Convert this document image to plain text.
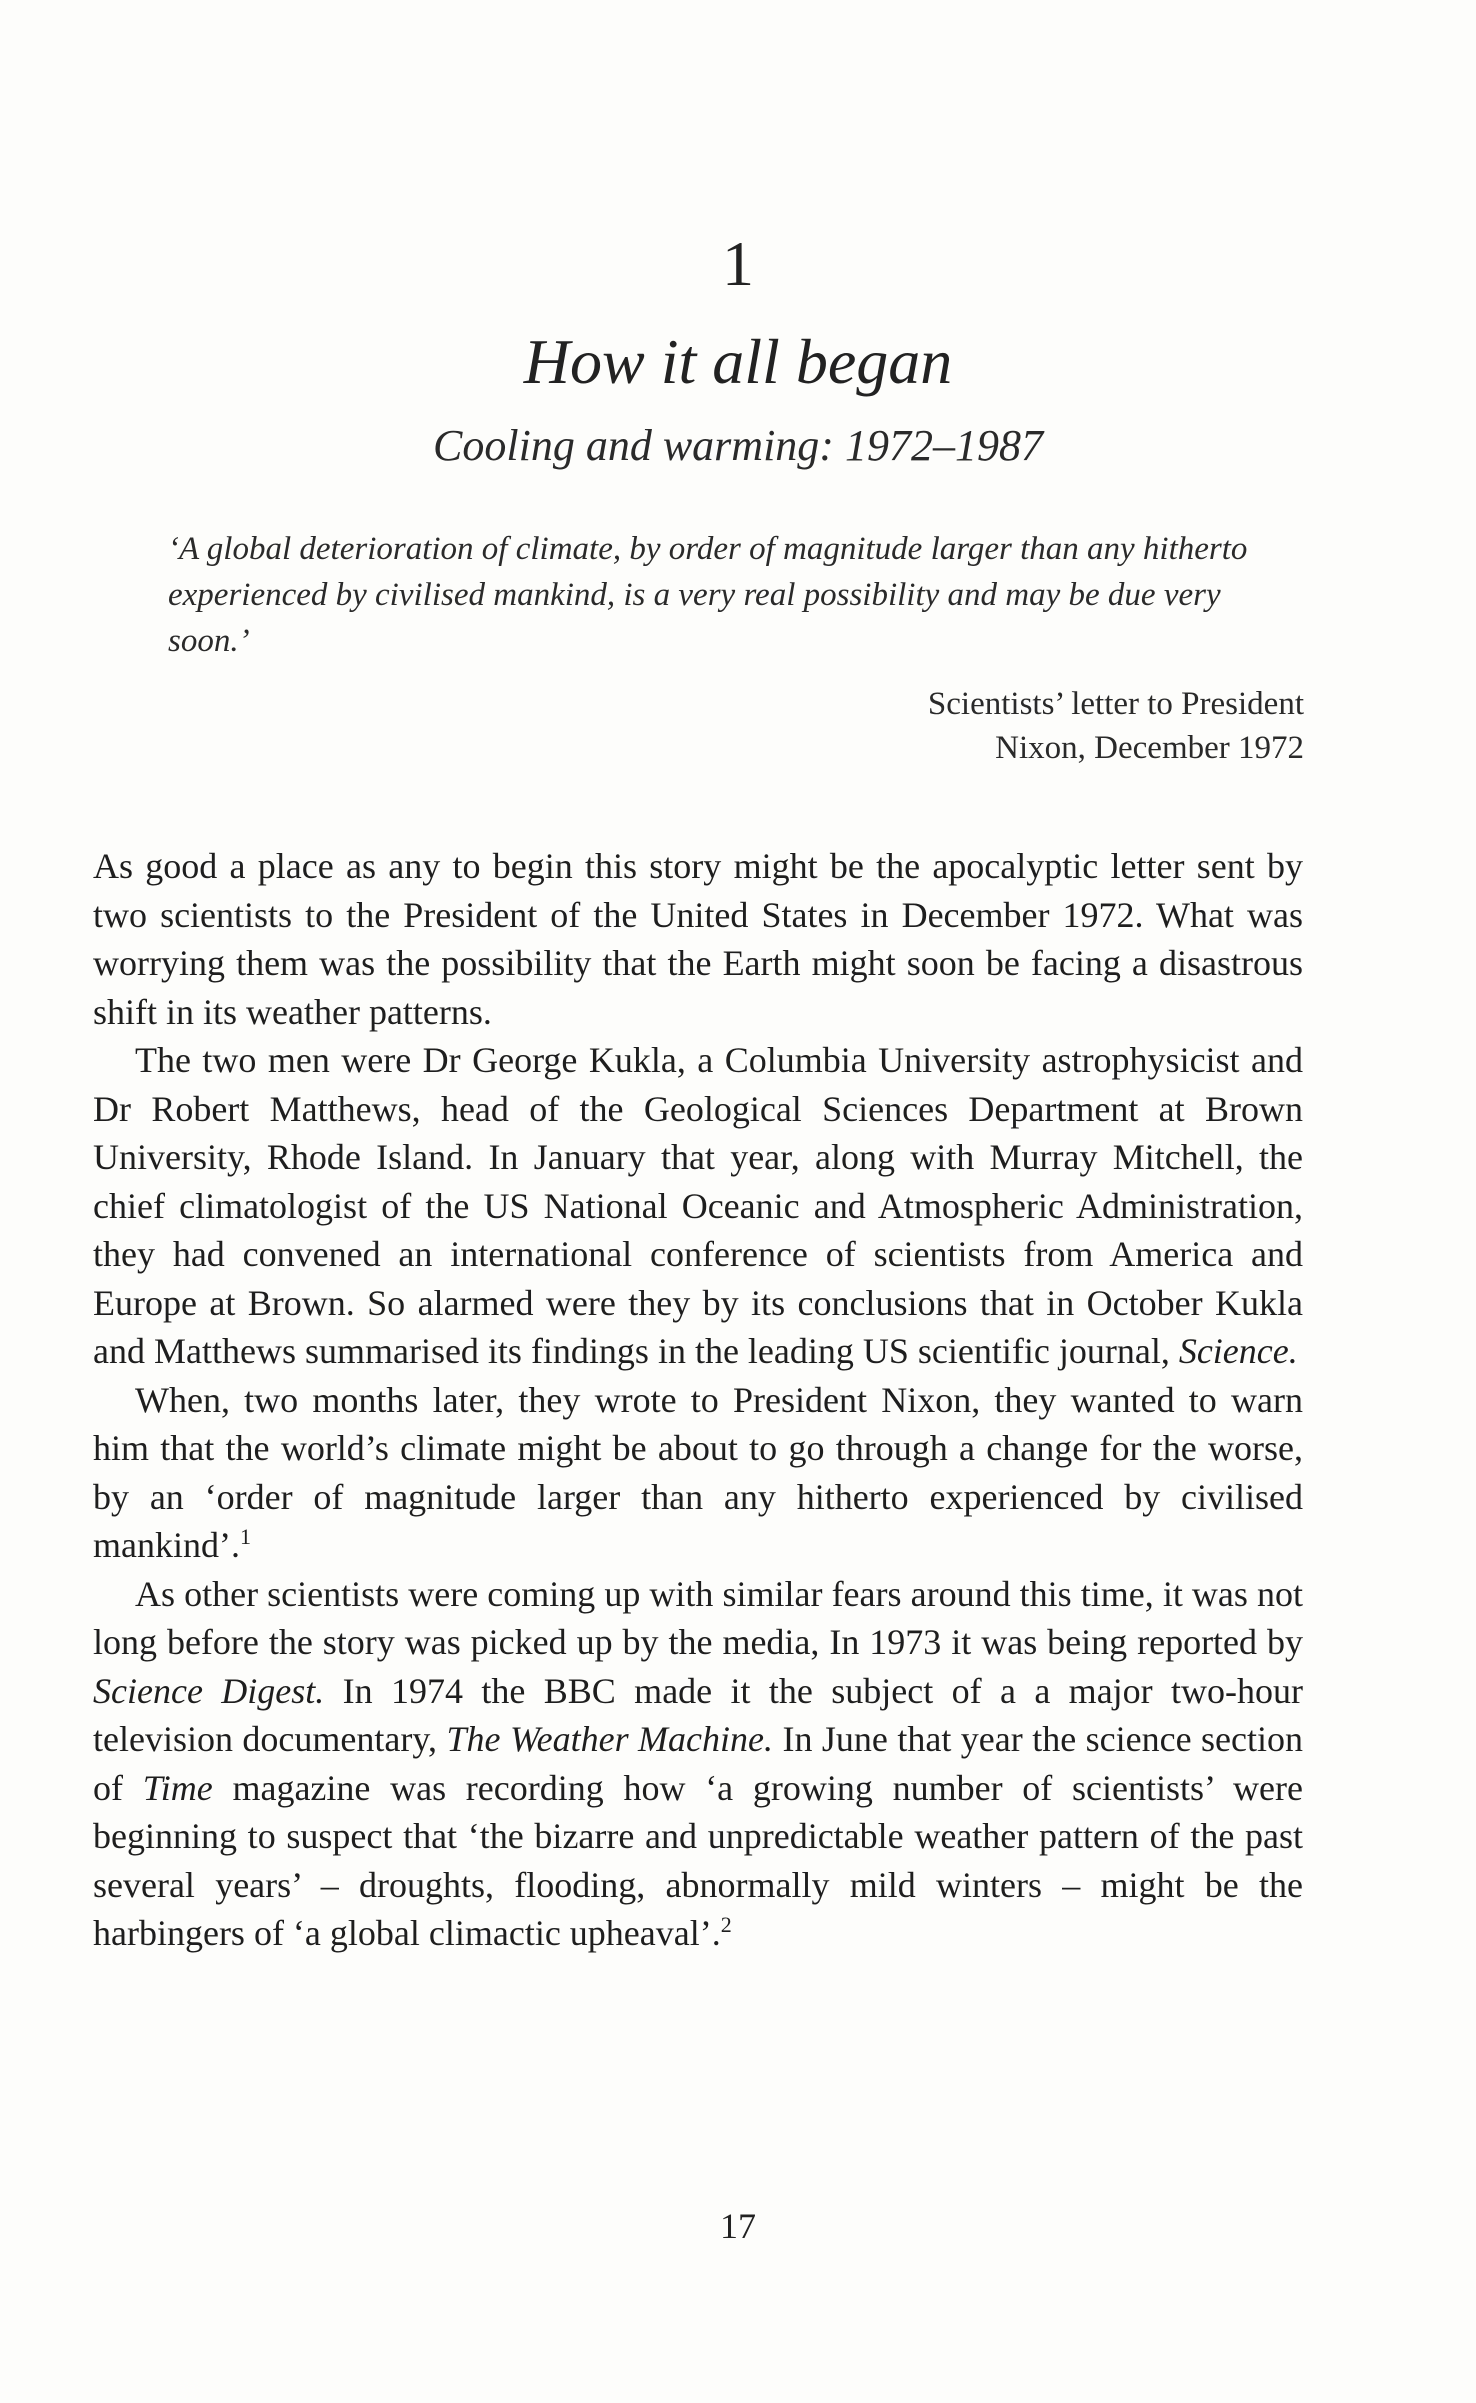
1
How it all began
Cooling and warming: 1972–1987

‘A global deterioration of climate, by order of magnitude larger than any hitherto experienced by civilised mankind, is a very real possibility and may be due very soon.’

Scientists’ letter to President
Nixon, December 1972

As good a place as any to begin this story might be the apocalyptic letter sent by two scientists to the President of the United States in December 1972. What was worrying them was the possibility that the Earth might soon be facing a disastrous shift in its weather patterns.

The two men were Dr George Kukla, a Columbia University astrophysicist and Dr Robert Matthews, head of the Geological Sciences Department at Brown University, Rhode Island. In January that year, along with Murray Mitchell, the chief climatologist of the US National Oceanic and Atmospheric Administration, they had convened an international conference of scientists from America and Europe at Brown. So alarmed were they by its conclusions that in October Kukla and Matthews summarised its findings in the leading US scientific journal, Science.

When, two months later, they wrote to President Nixon, they wanted to warn him that the world’s climate might be about to go through a change for the worse, by an ‘order of magnitude larger than any hitherto experienced by civilised mankind’.$^1$

As other scientists were coming up with similar fears around this time, it was not long before the story was picked up by the media, In 1973 it was being reported by Science Digest. In 1974 the BBC made it the subject of a a major two-hour television documentary, The Weather Machine. In June that year the science section of Time magazine was recording how ‘a growing number of scientists’ were beginning to suspect that ‘the bizarre and unpredictable weather pattern of the past several years’ – droughts, flooding, abnormally mild winters – might be the harbingers of ‘a global climactic upheaval’.$^2$

17
